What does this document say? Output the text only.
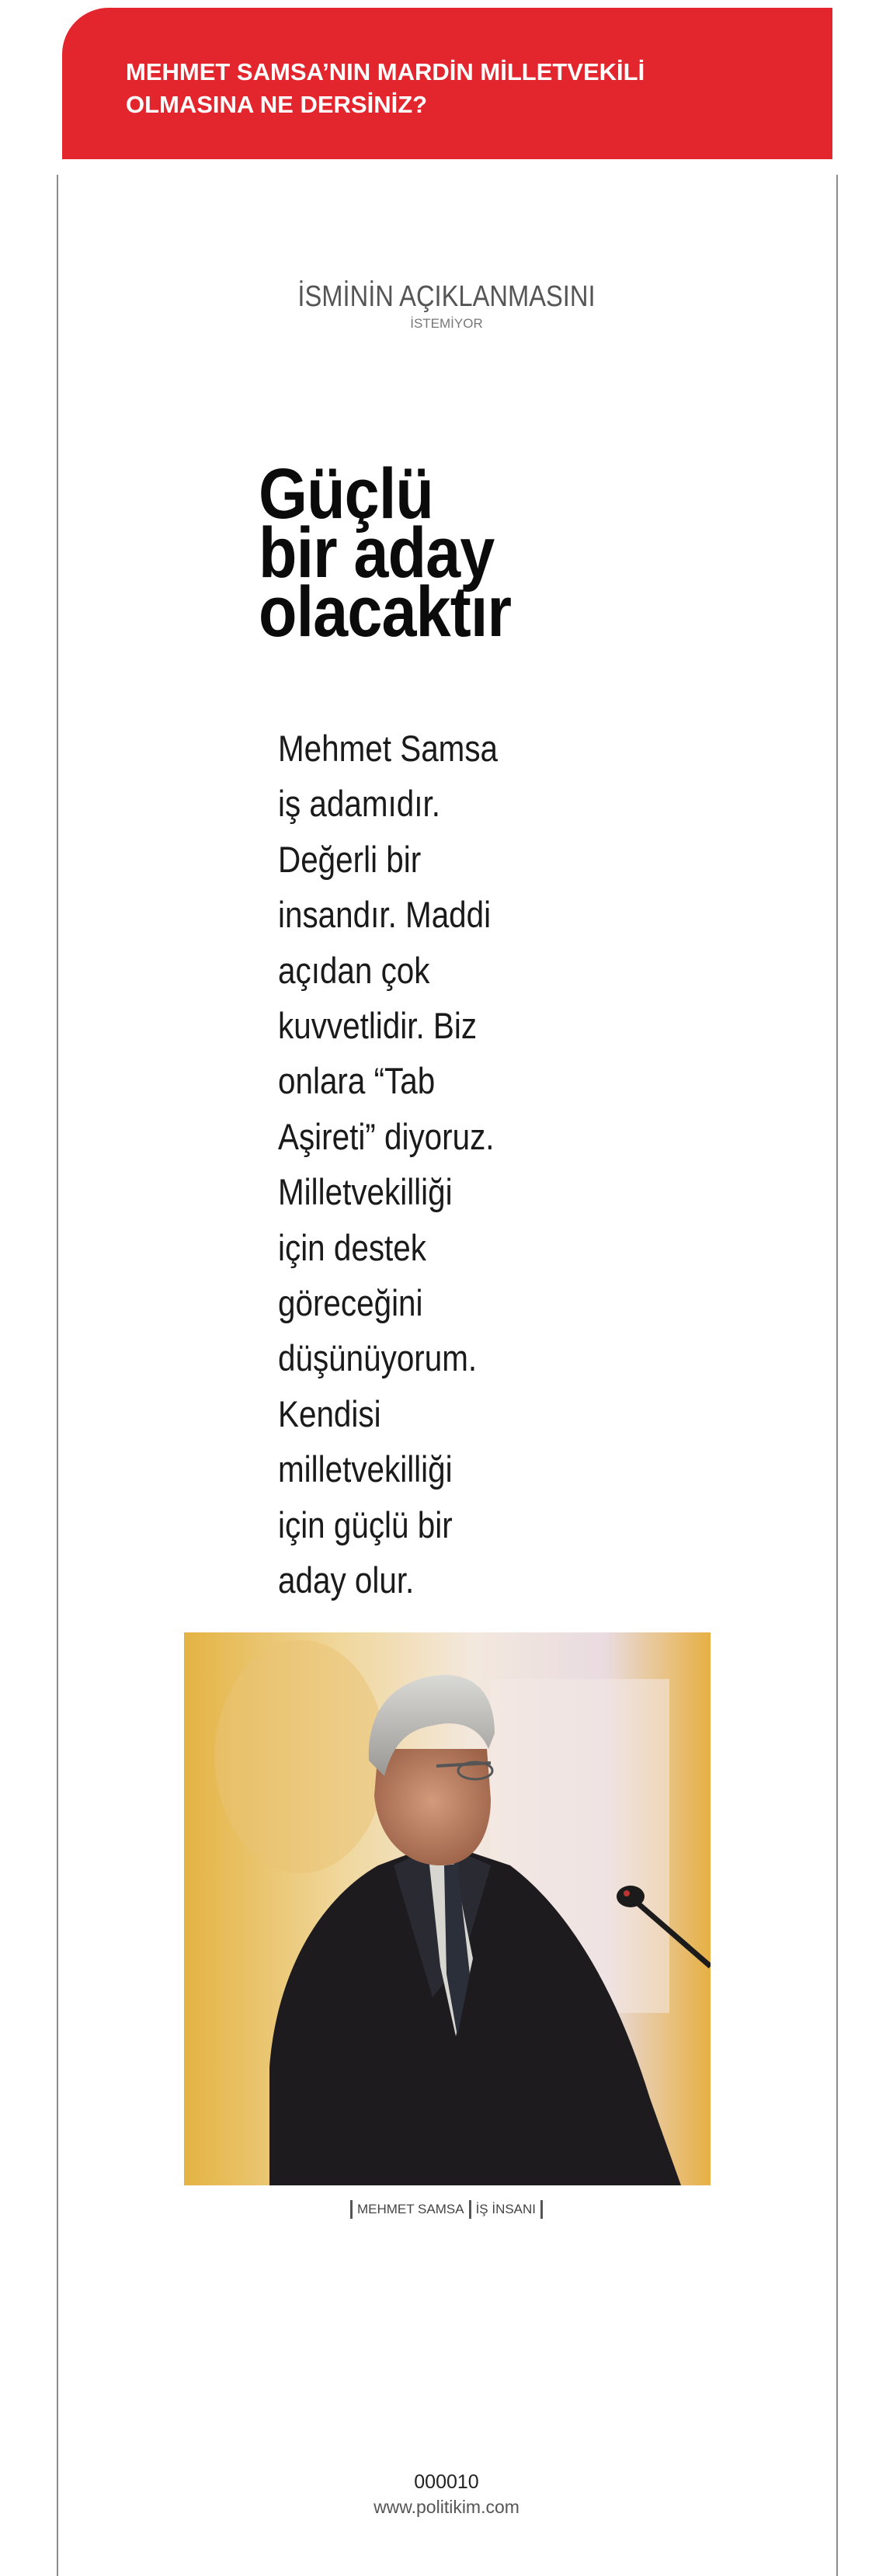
MEHMET SAMSA’NIN MARDİN MİLLETVEKİLİ OLMASINA NE DERSİNİZ?

İSMİNİN AÇIKLANMASINI
İSTEMİYOR
Güçlü
bir aday
olacaktır

Mehmet Samsa
iş adamıdır.
Değerli bir
insandır. Maddi
açıdan çok
kuvvetlidir. Biz
onlara “Tab
Aşireti” diyoruz.
Milletvekilliği
için destek
göreceğini
düşünüyorum.
Kendisi
milletvekilliği
için güçlü bir
aday olur.

MEHMET SAMSA İŞ İNSANI
000010
www.politikim.com
